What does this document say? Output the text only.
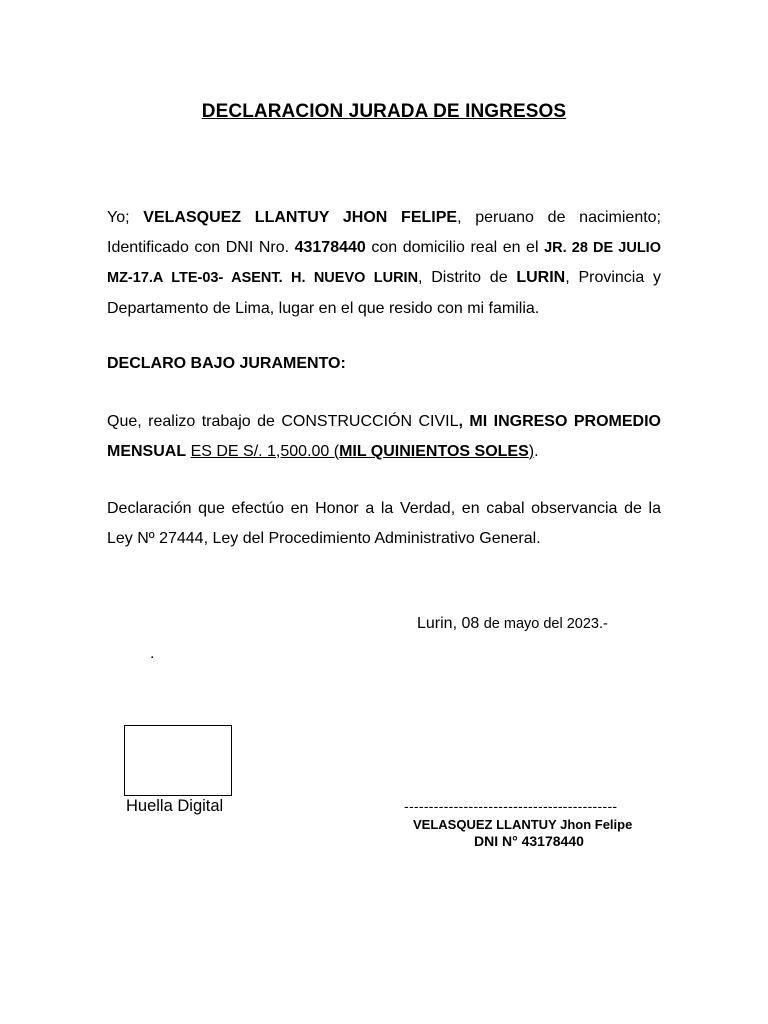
DECLARACION JURADA DE INGRESOS

Yo; VELASQUEZ LLANTUY JHON FELIPE, peruano de nacimiento; Identificado con DNI Nro. 43178440 con domicilio real en el JR. 28 DE JULIO MZ-17.A LTE-03- ASENT. H. NUEVO LURIN, Distrito de LURIN, Provincia y Departamento de Lima, lugar en el que resido con mi familia.

DECLARO BAJO JURAMENTO:

Que, realizo trabajo de CONSTRUCCIÓN CIVIL, MI INGRESO PROMEDIO MENSUAL ES DE S/. 1,500.00 (MIL QUINIENTOS SOLES).

Declaración que efectúo en Honor a la Verdad, en cabal observancia de la Ley Nº 27444, Ley del Procedimiento Administrativo General.

Lurin, 08 de mayo del 2023.-
.
Huella Digital	-------------------------------------------
VELASQUEZ LLANTUY Jhon Felipe
DNI N° 43178440
